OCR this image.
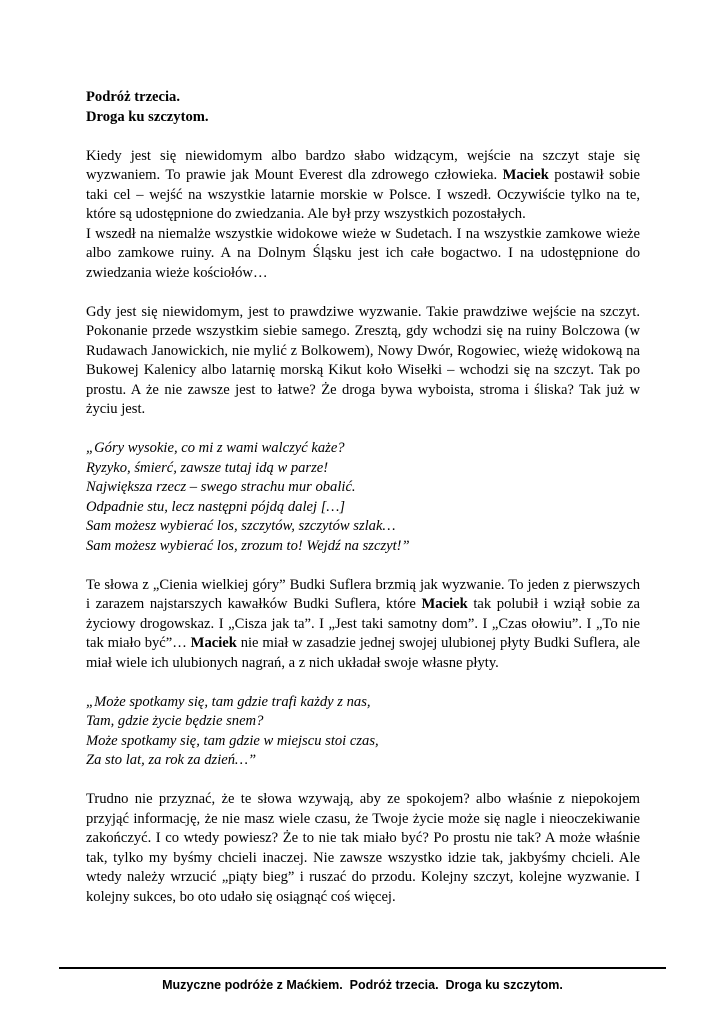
Podróż trzecia.
Droga ku szczytom.
Kiedy jest się niewidomym albo bardzo słabo widzącym, wejście na szczyt staje się wyzwaniem. To prawie jak Mount Everest dla zdrowego człowieka. Maciek postawił sobie taki cel – wejść na wszystkie latarnie morskie w Polsce. I wszedł. Oczywiście tylko na te, które są udostępnione do zwiedzania. Ale był przy wszystkich pozostałych.
I wszedł na niemalże wszystkie widokowe wieże w Sudetach. I na wszystkie zamkowe wieże albo zamkowe ruiny. A na Dolnym Śląsku jest ich całe bogactwo. I na udostępnione do zwiedzania wieże kościołów…
Gdy jest się niewidomym, jest to prawdziwe wyzwanie. Takie prawdziwe wejście na szczyt. Pokonanie przede wszystkim siebie samego. Zresztą, gdy wchodzi się na ruiny Bolczowa (w Rudawach Janowickich, nie mylić z Bolkowem), Nowy Dwór, Rogowiec, wieżę widokową na Bukowej Kalenicy albo latarnię morską Kikut koło Wisełki – wchodzi się na szczyt. Tak po prostu. A że nie zawsze jest to łatwe? Że droga bywa wyboista, stroma i śliska? Tak już w życiu jest.
„Góry wysokie, co mi z wami walczyć każe?
Ryzyko, śmierć, zawsze tutaj idą w parze!
Największa rzecz – swego strachu mur obalić.
Odpadnie stu, lecz następni pójdą dalej […]
Sam możesz wybierać los, szczytów, szczytów szlak…
Sam możesz wybierać los, zrozum to! Wejdź na szczyt!”
Te słowa z „Cienia wielkiej góry” Budki Suflera brzmią jak wyzwanie. To jeden z pierwszych i zarazem najstarszych kawałków Budki Suflera, które Maciek tak polubił i wziął sobie za życiowy drogowskaz. I „Cisza jak ta”. I „Jest taki samotny dom”. I „Czas ołowiu”. I „To nie tak miało być”… Maciek nie miał w zasadzie jednej swojej ulubionej płyty Budki Suflera, ale miał wiele ich ulubionych nagrań, a z nich układał swoje własne płyty.
„Może spotkamy się, tam gdzie trafi każdy z nas,
Tam, gdzie życie będzie snem?
Może spotkamy się, tam gdzie w miejscu stoi czas,
Za sto lat, za rok za dzień…”
Trudno nie przyznać, że te słowa wzywają, aby ze spokojem? albo właśnie z niepokojem przyjąć informację, że nie masz wiele czasu, że Twoje życie może się nagle i nieoczekiwanie zakończyć. I co wtedy powiesz? Że to nie tak miało być? Po prostu nie tak? A może właśnie tak, tylko my byśmy chcieli inaczej. Nie zawsze wszystko idzie tak, jakbyśmy chcieli. Ale wtedy należy wrzucić „piąty bieg” i ruszać do przodu. Kolejny szczyt, kolejne wyzwanie. I kolejny sukces, bo oto udało się osiągnąć coś więcej.
Muzyczne podróże z Maćkiem.  Podróż trzecia.  Droga ku szczytom.
